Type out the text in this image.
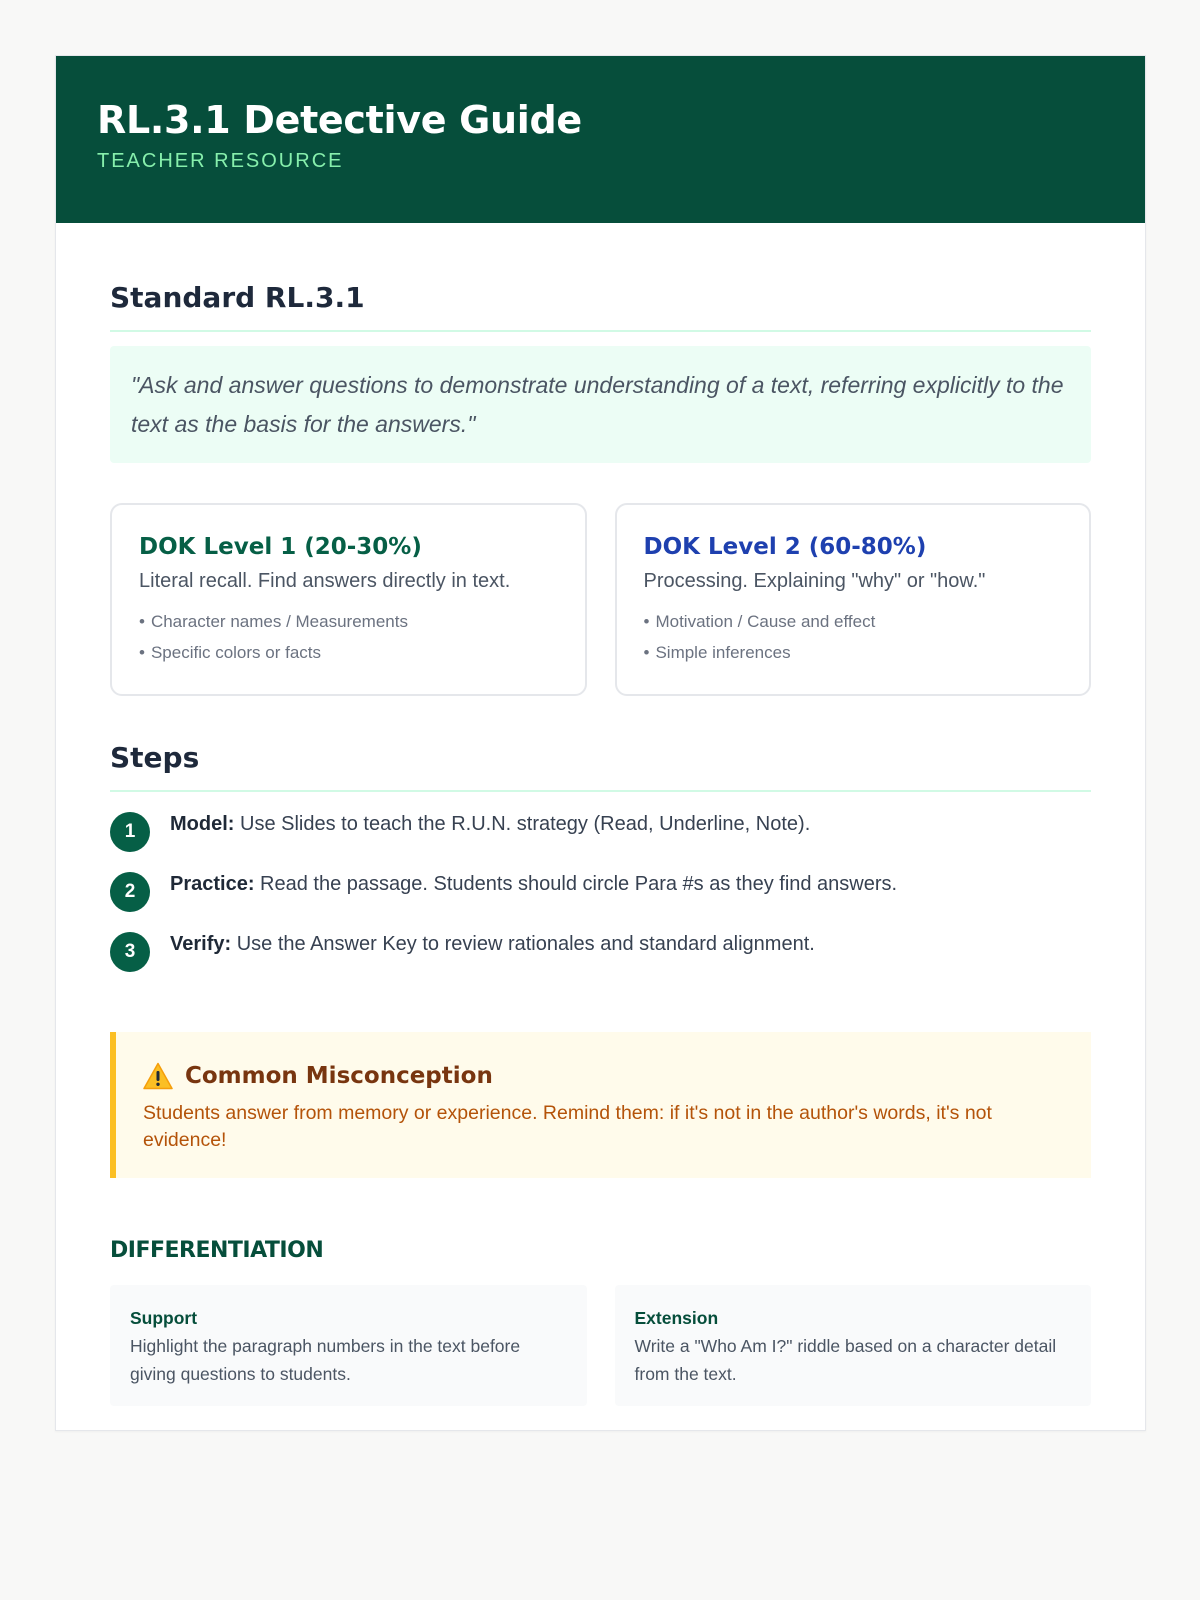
RL.3.1 Detective Guide
TEACHER RESOURCE
Standard RL.3.1
"Ask and answer questions to demonstrate understanding of a text, referring explicitly to the text as the basis for the answers."
DOK Level 1 (20-30%)
Literal recall. Find answers directly in text.
• Character names / Measurements
• Specific colors or facts
DOK Level 2 (60-80%)
Processing. Explaining "why" or "how."
• Motivation / Cause and effect
• Simple inferences
Steps
1	Model: Use Slides to teach the R.U.N. strategy (Read, Underline, Note).
2	Practice: Read the passage. Students should circle Para #s as they find answers.
3	Verify: Use the Answer Key to review rationales and standard alignment.
Common Misconception
Students answer from memory or experience. Remind them: if it's not in the author's words, it's not evidence!
DIFFERENTIATION
Support
Highlight the paragraph numbers in the text before giving questions to students.
Extension
Write a "Who Am I?" riddle based on a character detail from the text.
